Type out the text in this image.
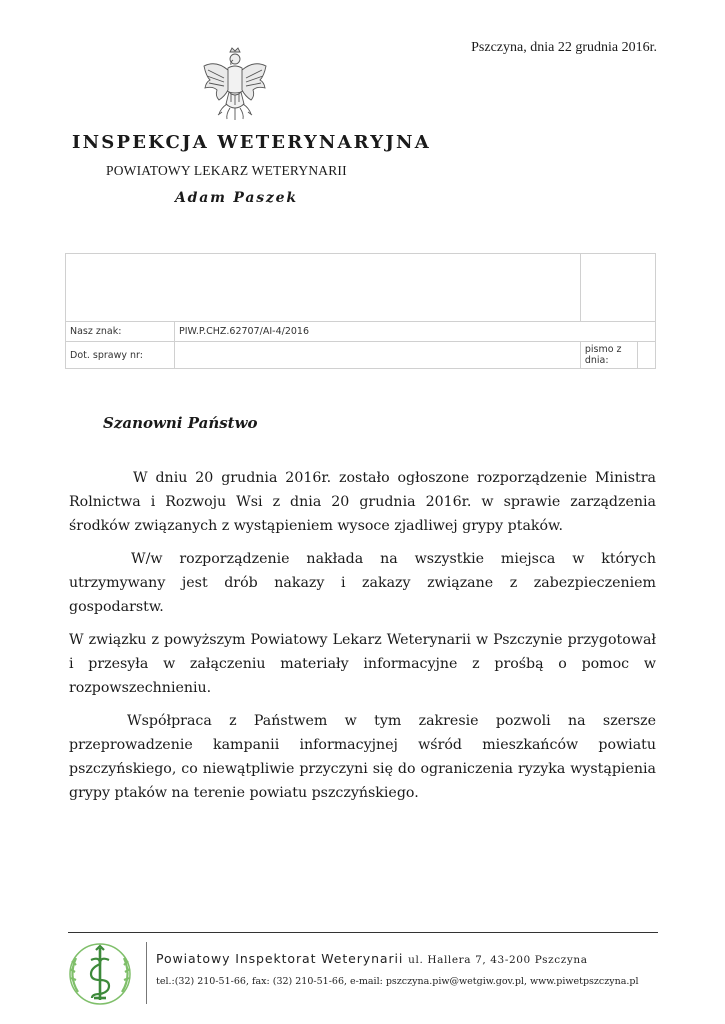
Pszczyna, dnia 22 grudnia 2016r.
INSPEKCJA WETERYNARYJNA
POWIATOWY LEKARZ WETERYNARII
Adam Paszek

Nasz znak:	PIW.P.CHZ.62707/AI-4/2016		
Dot. sprawy nr:		pismo z dnia:	
Szanowni Państwo

W dniu 20 grudnia 2016r. zostało ogłoszone rozporządzenie Ministra Rolnictwa i Rozwoju Wsi z dnia 20 grudnia 2016r. w sprawie zarządzenia środków związanych z wystąpieniem wysoce zjadliwej grypy ptaków.

W/w rozporządzenie nakłada na wszystkie miejsca w których utrzymywany jest drób nakazy i zakazy związane z zabezpieczeniem gospodarstw.

W związku z powyższym Powiatowy Lekarz Weterynarii w Pszczynie przygotował i przesyła w załączeniu materiały informacyjne z prośbą o pomoc w rozpowszechnieniu.

Współpraca z Państwem w tym zakresie pozwoli na szersze przeprowadzenie kampanii informacyjnej wśród mieszkańców powiatu pszczyńskiego, co niewątpliwie przyczyni się do ograniczenia ryzyka wystąpienia grypy ptaków na terenie powiatu pszczyńskiego.

Powiatowy Inspektorat Weterynarii ul. Hallera 7, 43-200 Pszczyna
tel.:(32) 210-51-66, fax: (32) 210-51-66, e-mail: pszczyna.piw@wetgiw.gov.pl, www.piwetpszczyna.pl
